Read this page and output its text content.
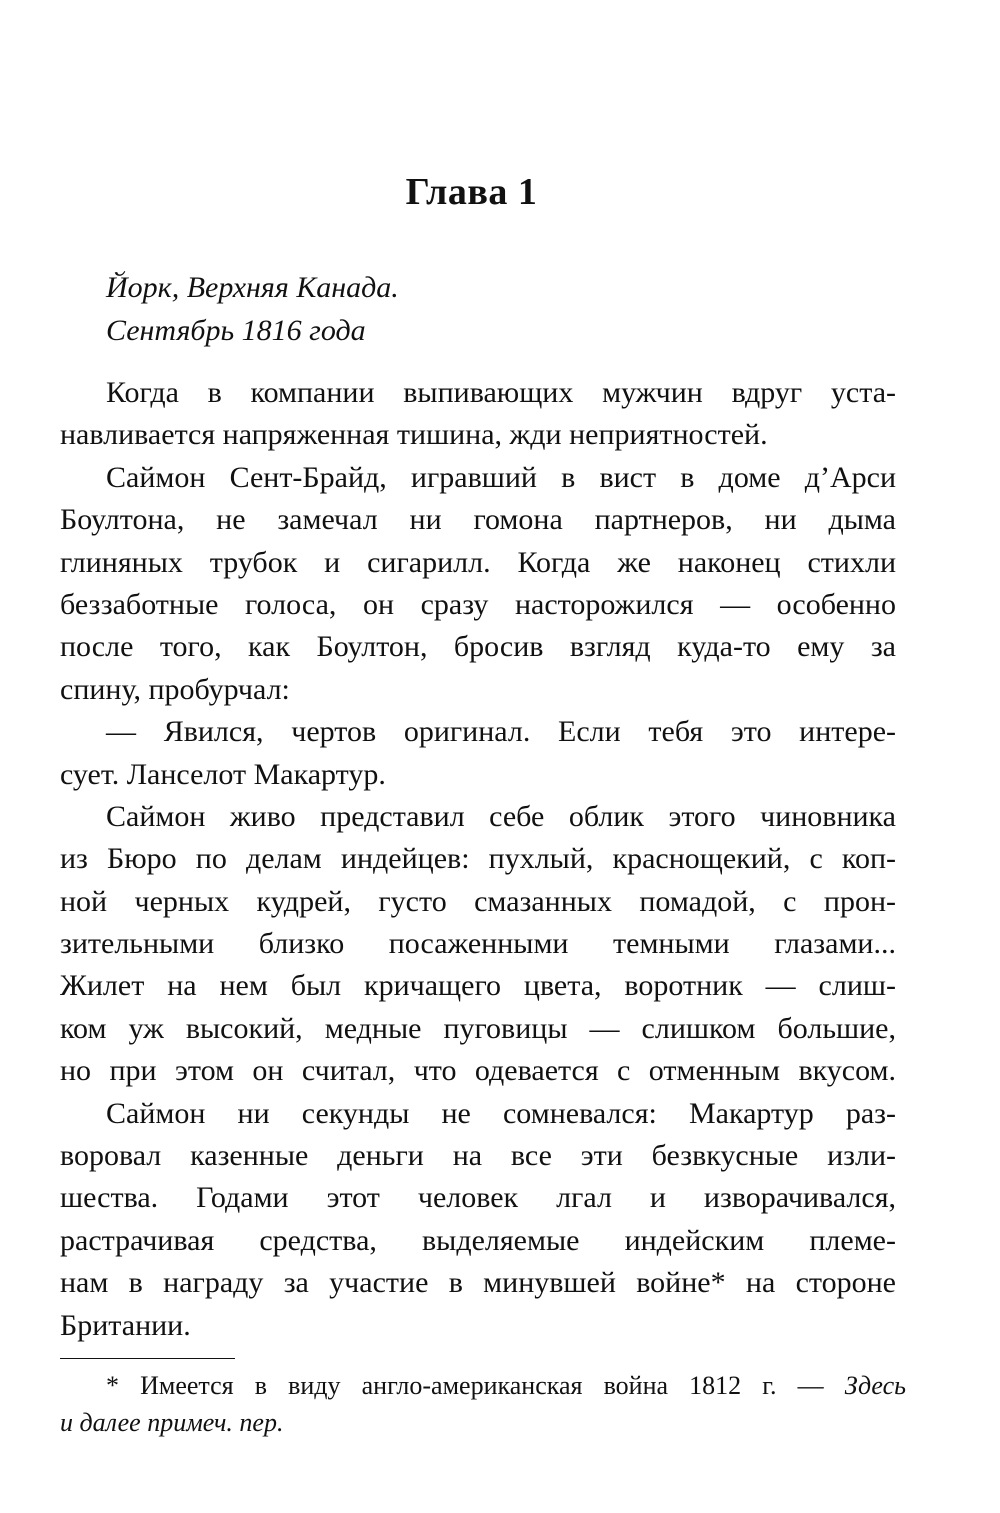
Глава 1
Йорк, Верхняя Канада.
Сентябрь 1816 года
Когда в компании выпивающих мужчин вдруг уста-
навливается напряженная тишина, жди неприятностей.
Саймон Сент-Брайд, игравший в вист в доме д’Арси
Боултона, не замечал ни гомона партнеров, ни дыма
глиняных трубок и сигарилл. Когда же наконец стихли
беззаботные голоса, он сразу насторожился — особенно
после того, как Боултон, бросив взгляд куда-то ему за
спину, пробурчал:
— Явился, чертов оригинал. Если тебя это интере-
сует. Ланселот Макартур.
Саймон живо представил себе облик этого чиновника
из Бюро по делам индейцев: пухлый, краснощекий, с коп-
ной черных кудрей, густо смазанных помадой, с прон-
зительными близко посаженными темными глазами...
Жилет на нем был кричащего цвета, воротник — слиш-
ком уж высокий, медные пуговицы — слишком большие,
но при этом он считал, что одевается с отменным вкусом.
Саймон ни секунды не сомневался: Макартур раз-
воровал казенные деньги на все эти безвкусные изли-
шества. Годами этот человек лгал и изворачивался,
растрачивая средства, выделяемые индейским племе-
нам в награду за участие в минувшей войне* на стороне
Британии.
* Имеется в виду англо-американская война 1812 г. — Здесь
и далее примеч. пер.
